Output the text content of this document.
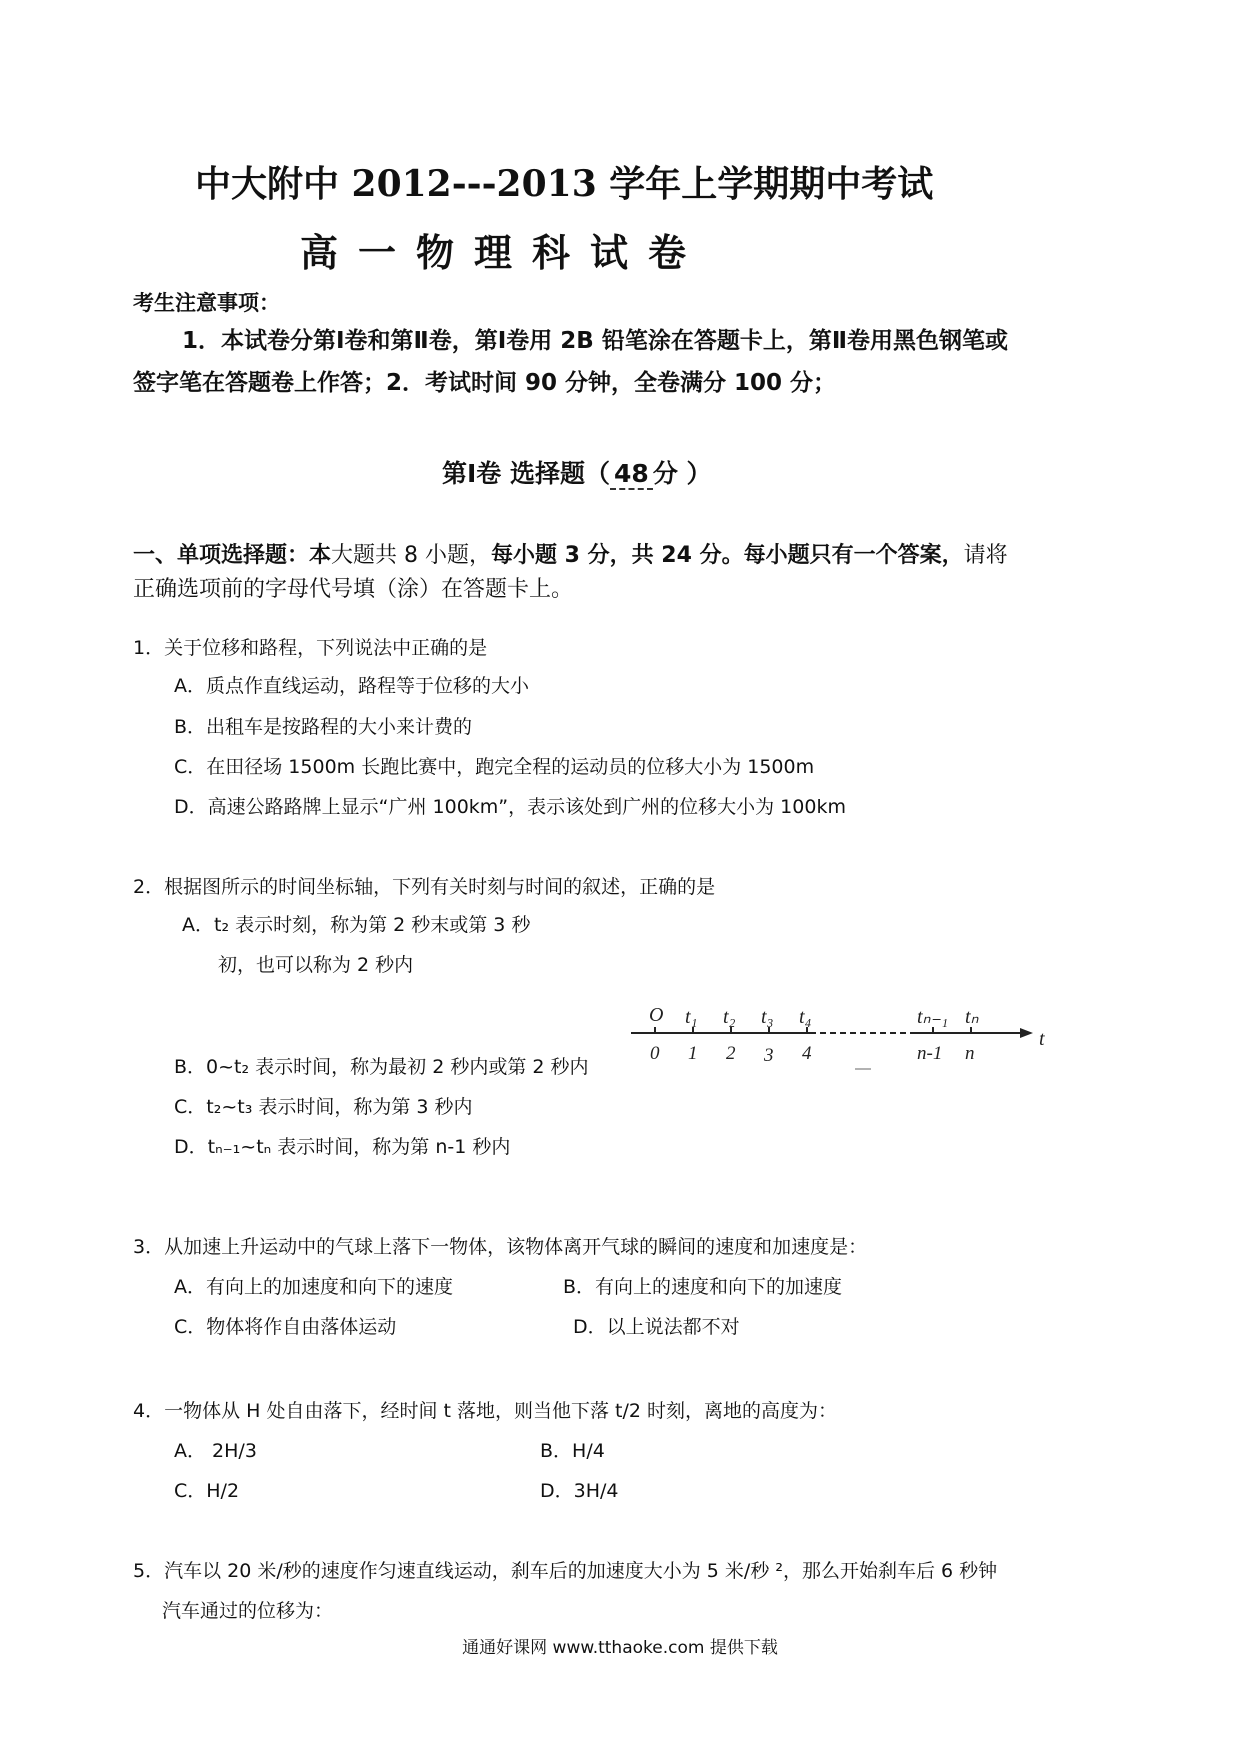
中大附中 2012---2013 学年上学期期中考试
高一物理科试卷
考生注意事项：
1．本试卷分第Ⅰ卷和第Ⅱ卷，第Ⅰ卷用 2B 铅笔涂在答题卡上，第Ⅱ卷用黑色钢笔或
签字笔在答题卷上作答；2．考试时间 90 分钟，全卷满分 100 分；
第Ⅰ卷 选择题（ 48 分 ）
一、单项选择题：本大题共 8 小题，每小题 3 分，共 24 分。每小题只有一个答案，请将
正确选项前的字母代号填（涂）在答题卡上。
1．关于位移和路程，下列说法中正确的是
A．质点作直线运动，路程等于位移的大小
B．出租车是按路程的大小来计费的
C．在田径场 1500m 长跑比赛中，跑完全程的运动员的位移大小为 1500m
D．高速公路路牌上显示“广州 100km”，表示该处到广州的位移大小为 100km
2．根据图所示的时间坐标轴，下列有关时刻与时间的叙述，正确的是
A．t₂ 表示时刻，称为第 2 秒末或第 3 秒
初，也可以称为 2 秒内
B．0~t₂ 表示时间，称为最初 2 秒内或第 2 秒内
C．t₂~t₃ 表示时间，称为第 3 秒内
D．tₙ₋₁~tₙ 表示时间，称为第 n-1 秒内
O t₁ t₂ t₃ t₄	tₙ₋₁ tₙ
t
0 1 2 3 4	n-1 n
3．从加速上升运动中的气球上落下一物体，该物体离开气球的瞬间的速度和加速度是：
A．有向上的加速度和向下的速度	B．有向上的速度和向下的加速度
C．物体将作自由落体运动	D．以上说法都不对
4．一物体从 H 处自由落下，经时间 t 落地，则当他下落 t/2 时刻，离地的高度为：
A． 2H/3	B．H/4
C．H/2	D．3H/4
5．汽车以 20 米/秒的速度作匀速直线运动，刹车后的加速度大小为 5 米/秒 ²，那么开始刹车后 6 秒钟
汽车通过的位移为：
通通好课网 www.tthaoke.com 提供下载
